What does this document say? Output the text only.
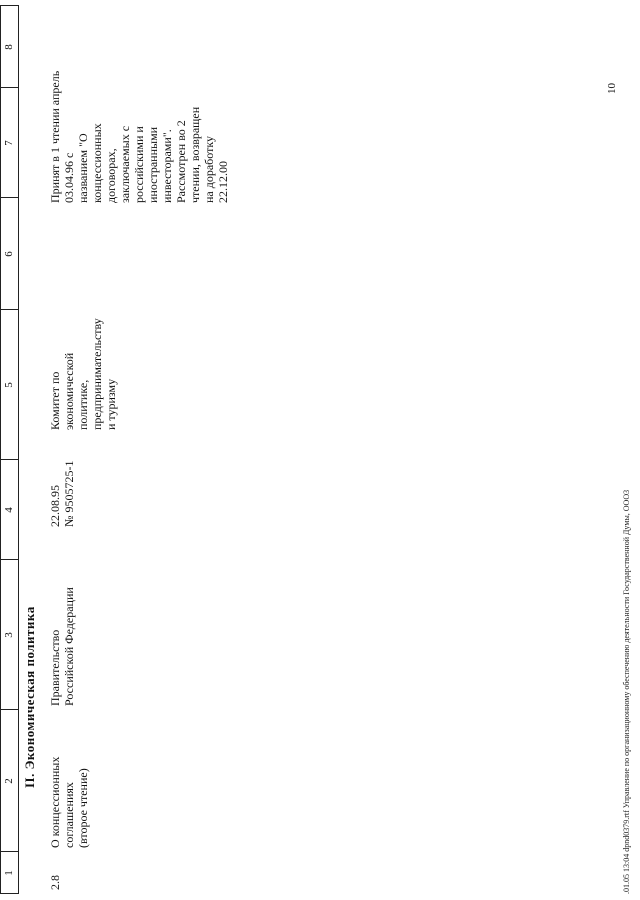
1
2
3
4
5
6
7
8
II. Экономическая политика
2.8
О концессионных соглашениях (второе чтение)
Правительство Российской Федерации
22.08.95 № 9505725-1
Комитет по экономической политике, предпринимательству и туризму
Принят в 1 чтении апрель 03.04.96 с названием "О концессионных договорах, заключаемых с российскими и иностранными инвесторами". Рассмотрен во 2 чтении, возвращен на доработку 22.12.00
.01.05 13:04 dpnd0379.rtf Управление по организационному обеспечению деятельности Государственной Думы, ООО3
10
